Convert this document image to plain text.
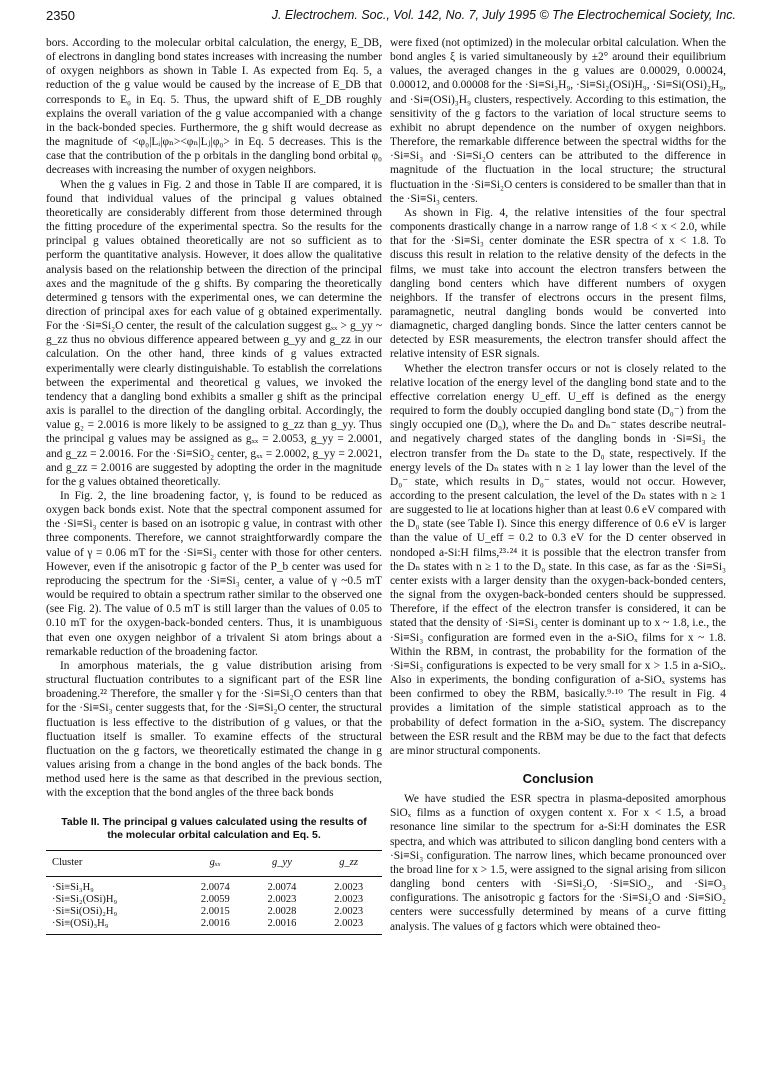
2350	J. Electrochem. Soc., Vol. 142, No. 7, July 1995 © The Electrochemical Society, Inc.

bors. According to the molecular orbital calculation, the energy, E_DB, of electrons in dangling bond states increases with increasing the number of oxygen neighbors as shown in Table I. As expected from Eq. 5, a reduction of the g value would be caused by the increase of E_DB that corresponds to E₀ in Eq. 5. Thus, the upward shift of E_DB roughly explains the overall variation of the g value accompanied with a change in the back-bonded species. Furthermore, the g shift would decrease as the magnitude of <φ₀|Lᵢ|φₙ><φₙ|Lⱼ|φ₀> in Eq. 5 decreases. This is the case that the contribution of the p orbitals in the dangling bond orbital φ₀ decreases with increasing the number of oxygen neighbors.

When the g values in Fig. 2 and those in Table II are compared, it is found that individual values of the principal g values obtained theoretically are considerably different from those determined through the fitting procedure of the experimental spectra. So the results for the principal g values obtained theoretically are not so sufficient as to perform the quantitative analysis. However, it does allow the qualitative analysis based on the relationship between the direction of the principal axes and the magnitude of the g shifts. By comparing the theoretically determined g tensors with the experimental ones, we can determine the direction of principal axes for each value of g obtained experimentally. For the ·Si≡Si₂O center, the result of the calculation suggest gₓₓ > g_yy ~ g_zz thus no obvious difference appeared between g_yy and g_zz in our calculation. On the other hand, three kinds of g values extracted experimentally were clearly distinguishable. To establish the correlations between the experimental and theoretical g values, we invoked the tendency that a dangling bond exhibits a smaller g shift as the principal axis is parallel to the direction of the dangling orbital. Accordingly, the value g₂ = 2.0016 is more likely to be assigned to g_zz than g_yy. Thus the principal g values may be assigned as gₓₓ = 2.0053, g_yy = 2.0001, and g_zz = 2.0016. For the ·Si≡SiO₂ center, gₓₓ = 2.0002, g_yy = 2.0021, and g_zz = 2.0016 are suggested by adopting the order in the magnitude for the g values obtained theoretically.

In Fig. 2, the line broadening factor, γ, is found to be reduced as oxygen back bonds exist. Note that the spectral component assumed for the ·Si≡Si₃ center is based on an isotropic g value, in contrast with other three components. Therefore, we cannot straightforwardly compare the value of γ = 0.06 mT for the ·Si≡Si₃ center with those for other centers. However, even if the anisotropic g factor of the P_b center was used for reproducing the spectrum for the ·Si≡Si₃ center, a value of γ ~0.5 mT would be required to obtain a spectrum rather similar to the observed one (see Fig. 2). The value of 0.5 mT is still larger than the values of 0.05 to 0.10 mT for the oxygen-back-bonded centers. Thus, it is unambiguous that even one oxygen neighbor of a trivalent Si atom brings about a remarkable reduction of the broadening factor.

In amorphous materials, the g value distribution arising from structural fluctuation contributes to a significant part of the ESR line broadening.²² Therefore, the smaller γ for the ·Si≡Si₂O centers than that for the ·Si≡Si₃ center suggests that, for the ·Si≡Si₂O center, the structural fluctuation is less effective to the distribution of g values, or that the fluctuation itself is smaller. To examine effects of the structural fluctuation on the g factors, we theoretically estimated the change in g values arising from a change in the bond angles of the back bonds. The method used here is the same as that described in the previous section, with the exception that the bond angles of the three back bonds

Table II. The principal g values calculated using the results of the molecular orbital calculation and Eq. 5.
Cluster	gₓₓ	g_yy	g_zz
·Si≡Si₃H₉	2.0074	2.0074	2.0023
·Si≡Si₂(OSi)H₉	2.0059	2.0023	2.0023
·Si≡Si(OSi)₂H₉	2.0015	2.0028	2.0023
·Si≡(OSi)₃H₉	2.0016	2.0016	2.0023

were fixed (not optimized) in the molecular orbital calculation. When the bond angles ξ is varied simultaneously by ±2° around their equilibrium values, the averaged changes in the g values are 0.00029, 0.00024, 0.00012, and 0.00008 for the ·Si≡Si₃H₉, ·Si≡Si₂(OSi)H₉, ·Si≡Si(OSi)₂H₉, and ·Si≡(OSi)₃H₉ clusters, respectively. According to this estimation, the sensitivity of the g factors to the variation of local structure seems to exhibit no abrupt dependence on the number of oxygen neighbors. Therefore, the remarkable difference between the spectral widths for the ·Si≡Si₃ and ·Si≡Si₂O centers can be attributed to the difference in magnitude of the fluctuation in the local structure; the structural fluctuation in the ·Si≡Si₂O centers is considered to be smaller than that in the ·Si≡Si₃ centers.

As shown in Fig. 4, the relative intensities of the four spectral components drastically change in a narrow range of 1.8 < x < 2.0, while that for the ·Si≡Si₃ center dominate the ESR spectra of x < 1.8. To discuss this result in relation to the relative density of the defects in the films, we must take into account the electron transfers between the dangling bond centers which have different numbers of oxygen neighbors. If the transfer of electrons occurs in the present films, paramagnetic, neutral dangling bonds would be converted into diamagnetic, charged dangling bonds. Since the latter centers cannot be detected by ESR measurements, the electron transfer should affect the relative intensity of ESR signals.

Whether the electron transfer occurs or not is closely related to the relative location of the energy level of the dangling bond state and to the effective correlation energy U_eff. U_eff is defined as the energy required to form the doubly occupied dangling bond state (D₀⁻) from the singly occupied one (D₀), where the Dₙ and Dₙ⁻ states describe neutral- and negatively charged states of the dangling bonds in ·Si≡Si₃ the electron transfer from the Dₙ state to the D₀ state, respectively. If the energy levels of the Dₙ states with n ≥ 1 lay lower than the level of the D₀⁻ state, which results in D₀⁻ states, would not occur. However, according to the present calculation, the level of the Dₙ states with n ≥ 1 are suggested to lie at locations higher than at least 0.6 eV compared with the D₀ state (see Table I). Since this energy difference of 0.6 eV is larger than the value of U_eff = 0.2 to 0.3 eV for the D center observed in nondoped a-Si:H films,²³·²⁴ it is possible that the electron transfer from the Dₙ states with n ≥ 1 to the D₀ state. In this case, as far as the ·Si≡Si₃ center exists with a larger density than the oxygen-back-bonded centers, the signal from the oxygen-back-bonded centers should be suppressed. Therefore, if the effect of the electron transfer is considered, it can be stated that the density of ·Si≡Si₃ center is dominant up to x ~ 1.8, i.e., the ·Si≡Si₃ configuration are formed even in the a-SiOₓ films for x ~ 1.8. Within the RBM, in contrast, the probability for the formation of the ·Si≡Si₃ configurations is expected to be very small for x > 1.5 in a-SiOₓ. Also in experiments, the bonding configuration of a-SiOₓ systems has been confirmed to obey the RBM, basically.⁹·¹⁰ The result in Fig. 4 provides a limitation of the simple statistical approach as to the probability of defect formation in the a-SiOₓ system. The discrepancy between the ESR result and the RBM may be due to the fact that defects are minor structural components.

Conclusion

We have studied the ESR spectra in plasma-deposited amorphous SiOₓ films as a function of oxygen content x. For x < 1.5, a broad resonance line similar to the spectrum for a-Si:H dominates the ESR spectra, and which was attributed to silicon dangling bond centers with a ·Si≡Si₃ configuration. The narrow lines, which became pronounced over the broad line for x > 1.5, were assigned to the signal arising from silicon dangling bond centers with ·Si≡Si₂O, ·Si≡SiO₂, and ·Si≡O₃ configurations. The anisotropic g factors for the ·Si≡Si₂O and ·Si≡SiO₂ centers were successfully determined by means of a curve fitting analysis. The values of g factors which were obtained theo-
